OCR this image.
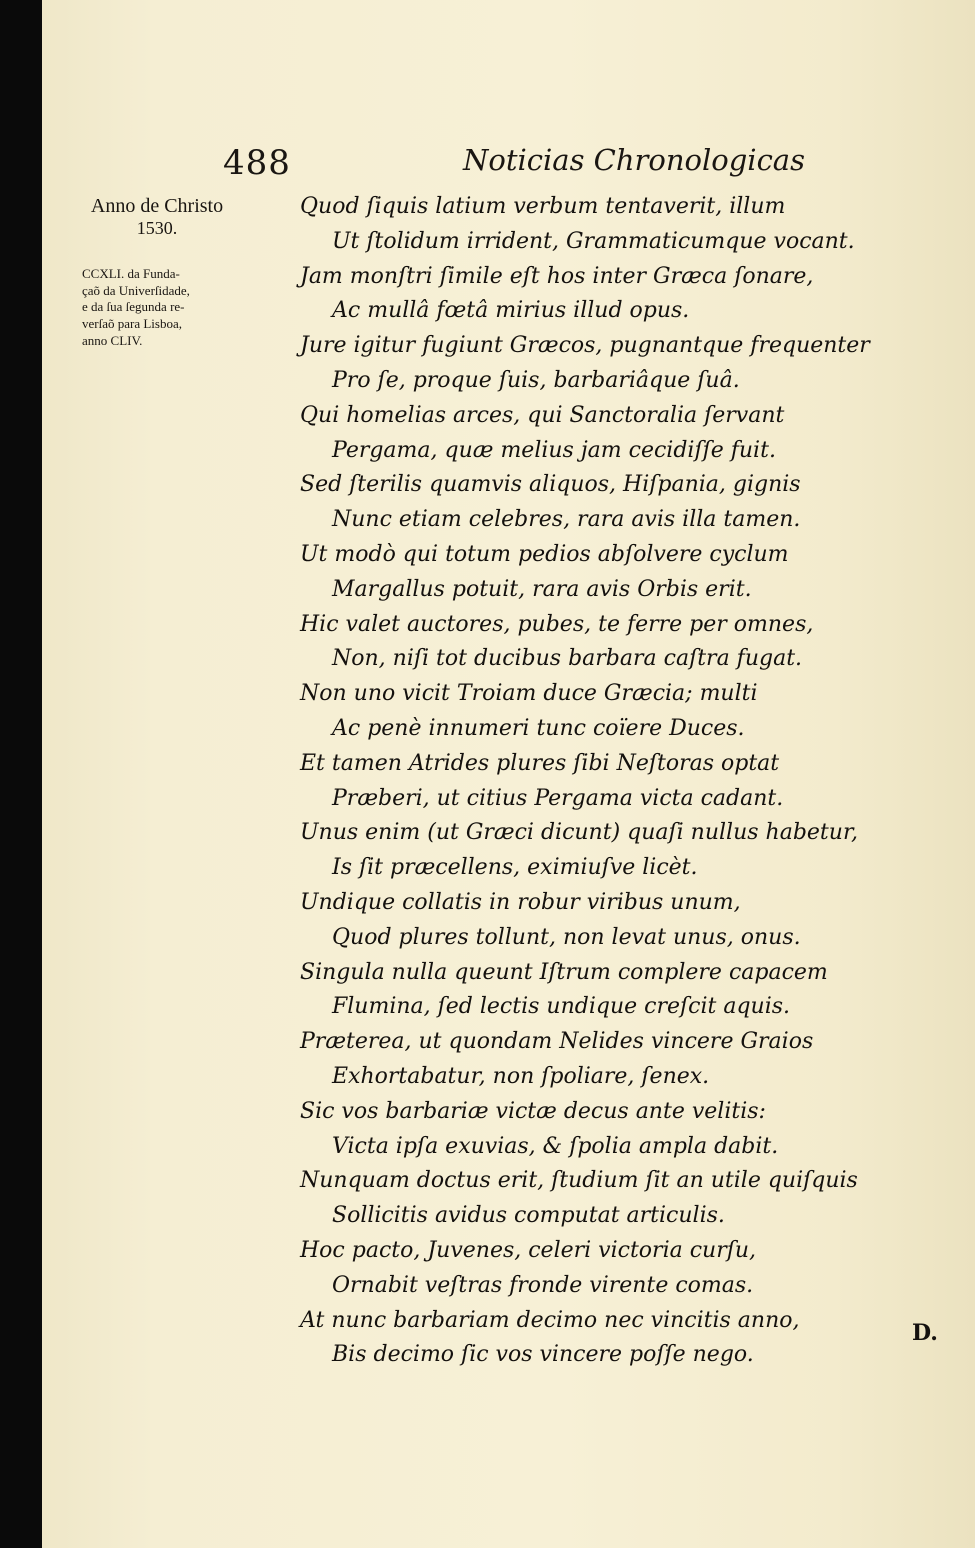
488	Noticias Chronologicas
Anno de Christo
1530.
CCXLI. da Funda-
çaõ da Univerſidade,
e da ſua ſegunda re-
verſaõ para Lisboa,
anno CLIV.
Quod ſiquis latium verbum tentaverit, illum
Ut ſtolidum irrident, Grammaticumque vocant.
Jam monſtri ſimile eſt hos inter Græca ſonare,
Ac mullâ fœtâ mirius illud opus.
Jure igitur fugiunt Græcos, pugnantque frequenter
Pro ſe, proque ſuis, barbariâque ſuâ.
Qui homelias arces, qui Sanctoralia ſervant
Pergama, quæ melius jam cecidiſſe fuit.
Sed ſterilis quamvis aliquos, Hiſpania, gignis
Nunc etiam celebres, rara avis illa tamen.
Ut modò qui totum pedios abſolvere cyclum
Margallus potuit, rara avis Orbis erit.
Hic valet auctores, pubes, te ferre per omnes,
Non, niſi tot ducibus barbara caſtra fugat.
Non uno vicit Troiam duce Græcia; multi
Ac penè innumeri tunc coïere Duces.
Et tamen Atrides plures ſibi Neſtoras optat
Præberi, ut citius Pergama victa cadant.
Unus enim (ut Græci dicunt) quaſi nullus habetur,
Is ſit præcellens, eximiuſve licèt.
Undique collatis in robur viribus unum,
Quod plures tollunt, non levat unus, onus.
Singula nulla queunt Iſtrum complere capacem
Flumina, ſed lectis undique creſcit aquis.
Præterea, ut quondam Nelides vincere Graios
Exhortabatur, non ſpoliare, ſenex.
Sic vos barbariæ victæ decus ante velitis:
Victa ipſa exuvias, & ſpolia ampla dabit.
Nunquam doctus erit, ſtudium ſit an utile quiſquis
Sollicitis avidus computat articulis.
Hoc pacto, Juvenes, celeri victoria curſu,
Ornabit veſtras fronde virente comas.
At nunc barbariam decimo nec vincitis anno,
Bis decimo ſic vos vincere poſſe nego.
D.
